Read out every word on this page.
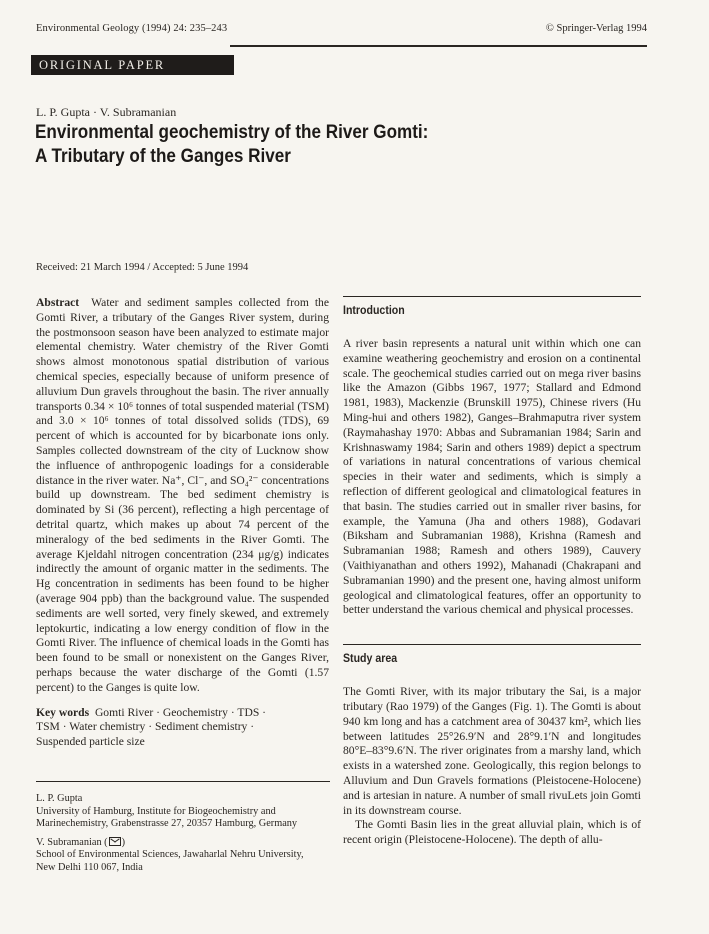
Environmental Geology (1994) 24: 235–243	© Springer-Verlag 1994
ORIGINAL PAPER
L. P. Gupta · V. Subramanian
Environmental geochemistry of the River Gomti:
A Tributary of the Ganges River
Received: 21 March 1994 / Accepted: 5 June 1994

Abstract Water and sediment samples collected from the Gomti River, a tributary of the Ganges River system, during the postmonsoon season have been analyzed to estimate major elemental chemistry. Water chemistry of the River Gomti shows almost monotonous spatial distribution of various chemical species, especially because of uniform presence of alluvium Dun gravels throughout the basin. The river annually transports 0.34 × 10⁶ tonnes of total suspended material (TSM) and 3.0 × 10⁶ tonnes of total dissolved solids (TDS), 69 percent of which is accounted for by bicarbonate ions only. Samples collected downstream of the city of Lucknow show the influence of anthropogenic loadings for a considerable distance in the river water. Na⁺, Cl⁻, and SO₄²⁻ concentrations build up downstream. The bed sediment chemistry is dominated by Si (36 percent), reflecting a high percentage of detrital quartz, which makes up about 74 percent of the mineralogy of the bed sediments in the River Gomti. The average Kjeldahl nitrogen concentration (234 μg/g) indicates indirectly the amount of organic matter in the sediments. The Hg concentration in sediments has been found to be higher (average 904 ppb) than the background value. The suspended sediments are well sorted, very finely skewed, and extremely leptokurtic, indicating a low energy condition of flow in the Gomti River. The influence of chemical loads in the Gomti has been found to be small or nonexistent on the Ganges River, perhaps because the water discharge of the Gomti (1.57 percent) to the Ganges is quite low.

Key words Gomti River · Geochemistry · TDS ·
TSM · Water chemistry · Sediment chemistry ·
Suspended particle size
L. P. Gupta
University of Hamburg, Institute for Biogeochemistry and
Marinechemistry, Grabenstrasse 27, 20357 Hamburg, Germany
V. Subramanian ( )
School of Environmental Sciences, Jawaharlal Nehru University,
New Delhi 110 067, India
Introduction

A river basin represents a natural unit within which one can examine weathering geochemistry and erosion on a continental scale. The geochemical studies carried out on mega river basins like the Amazon (Gibbs 1967, 1977; Stallard and Edmond 1981, 1983), Mackenzie (Brunskill 1975), Chinese rivers (Hu Ming-hui and others 1982), Ganges–Brahmaputra river system (Raymahashay 1970: Abbas and Subramanian 1984; Sarin and Krishnaswamy 1984; Sarin and others 1989) depict a spectrum of variations in natural concentrations of various chemical species in their water and sediments, which is simply a reflection of different geological and climatological features in that basin. The studies carried out in smaller river basins, for example, the Yamuna (Jha and others 1988), Godavari (Biksham and Subramanian 1988), Krishna (Ramesh and Subramanian 1988; Ramesh and others 1989), Cauvery (Vaithiyanathan and others 1992), Mahanadi (Chakrapani and Subramanian 1990) and the present one, having almost uniform geological and climatological features, offer an opportunity to better understand the various chemical and physical processes.

Study area

The Gomti River, with its major tributary the Sai, is a major tributary (Rao 1979) of the Ganges (Fig. 1). The Gomti is about 940 km long and has a catchment area of 30437 km², which lies between latitudes 25°26.9′N and 28°9.1′N and longitudes 80°E–83°9.6′N. The river originates from a marshy land, which exists in a watershed zone. Geologically, this region belongs to Alluvium and Dun Gravels formations (Pleistocene-Holocene) and is artesian in nature. A number of small rivuLets join Gomti in its downstream course.

The Gomti Basin lies in the great alluvial plain, which is of recent origin (Pleistocene-Holocene). The depth of allu-
